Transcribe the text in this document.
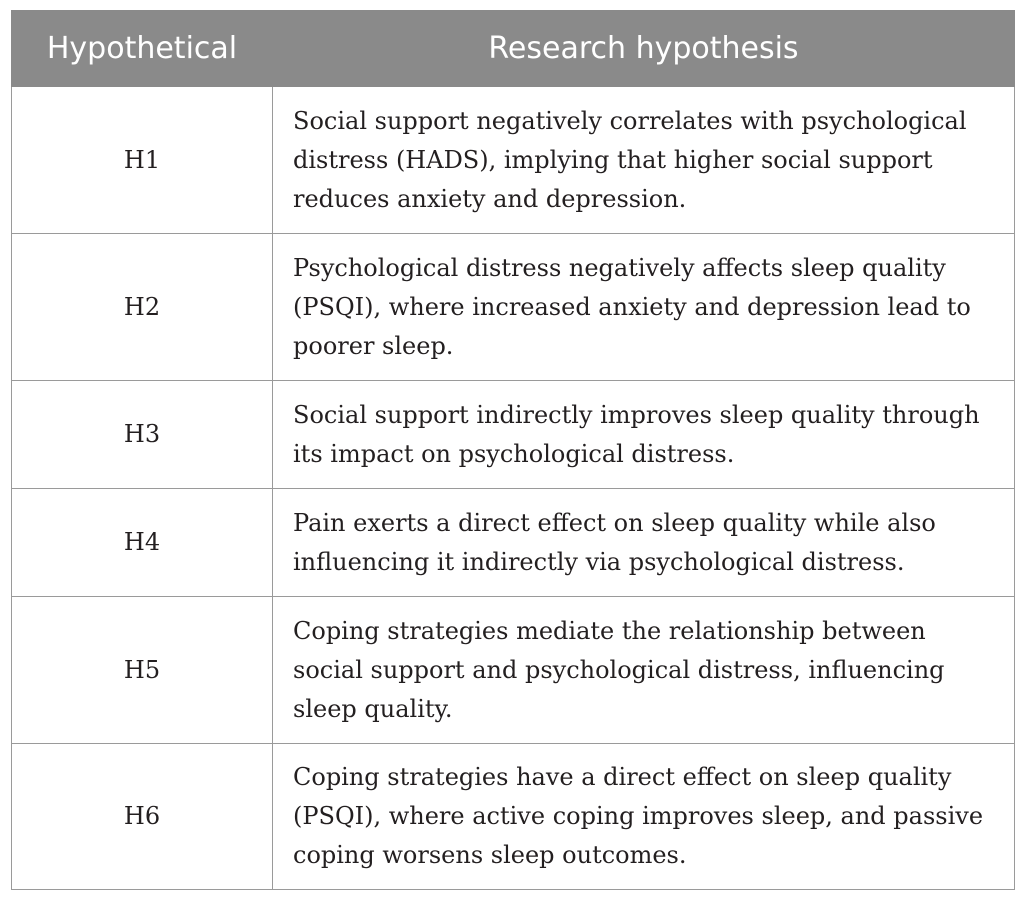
Hypothetical	Research hypothesis
H1	Social support negatively correlates with psychological distress (HADS), implying that higher social support reduces anxiety and depression.
H2	Psychological distress negatively affects sleep quality (PSQI), where increased anxiety and depression lead to poorer sleep.
H3	Social support indirectly improves sleep quality through its impact on psychological distress.
H4	Pain exerts a direct effect on sleep quality while also influencing it indirectly via psychological distress.
H5	Coping strategies mediate the relationship between social support and psychological distress, influencing sleep quality.
H6	Coping strategies have a direct effect on sleep quality (PSQI), where active coping improves sleep, and passive coping worsens sleep outcomes.
